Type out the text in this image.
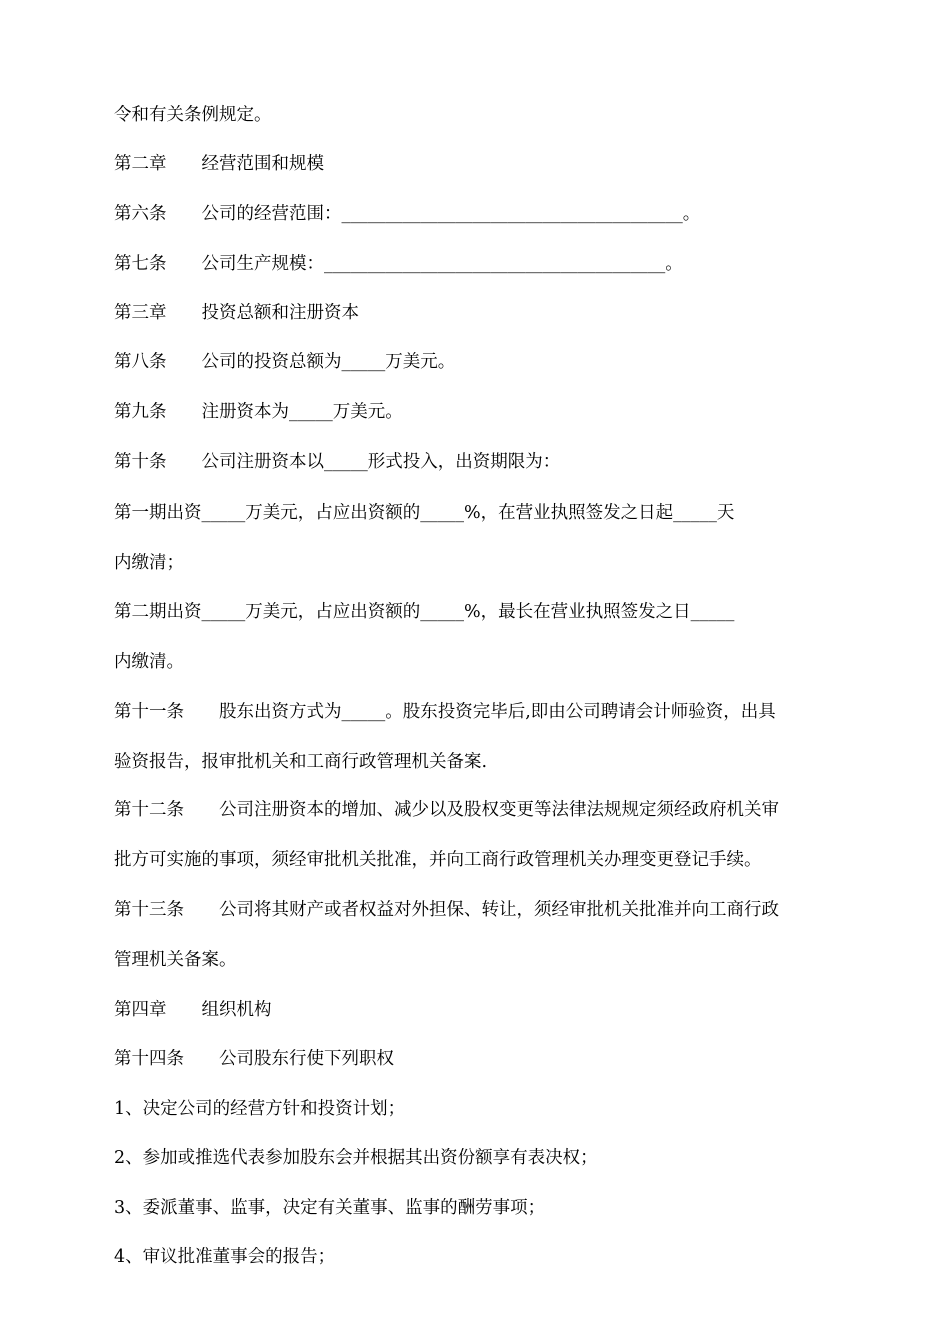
令和有关条例规定。
第二章　　经营范围和规模
第六条　　公司的经营范围：_______________________________________。
第七条　　公司生产规模：_______________________________________。
第三章　　投资总额和注册资本
第八条　　公司的投资总额为_____万美元。
第九条　　注册资本为_____万美元。
第十条　　公司注册资本以_____形式投入，出资期限为：
第一期出资_____万美元，占应出资额的_____%，在营业执照签发之日起_____天
内缴清；
第二期出资_____万美元，占应出资额的_____%，最长在营业执照签发之日_____
内缴清。
第十一条　　股东出资方式为_____。股东投资完毕后,即由公司聘请会计师验资，出具
验资报告，报审批机关和工商行政管理机关备案.
第十二条　　公司注册资本的增加、减少以及股权变更等法律法规规定须经政府机关审
批方可实施的事项，须经审批机关批准，并向工商行政管理机关办理变更登记手续。
第十三条　　公司将其财产或者权益对外担保、转让，须经审批机关批准并向工商行政
管理机关备案。
第四章　　组织机构
第十四条　　公司股东行使下列职权
1、决定公司的经营方针和投资计划；
2、参加或推选代表参加股东会并根据其出资份额享有表决权；
3、委派董事、监事，决定有关董事、监事的酬劳事项；
4、审议批准董事会的报告；
